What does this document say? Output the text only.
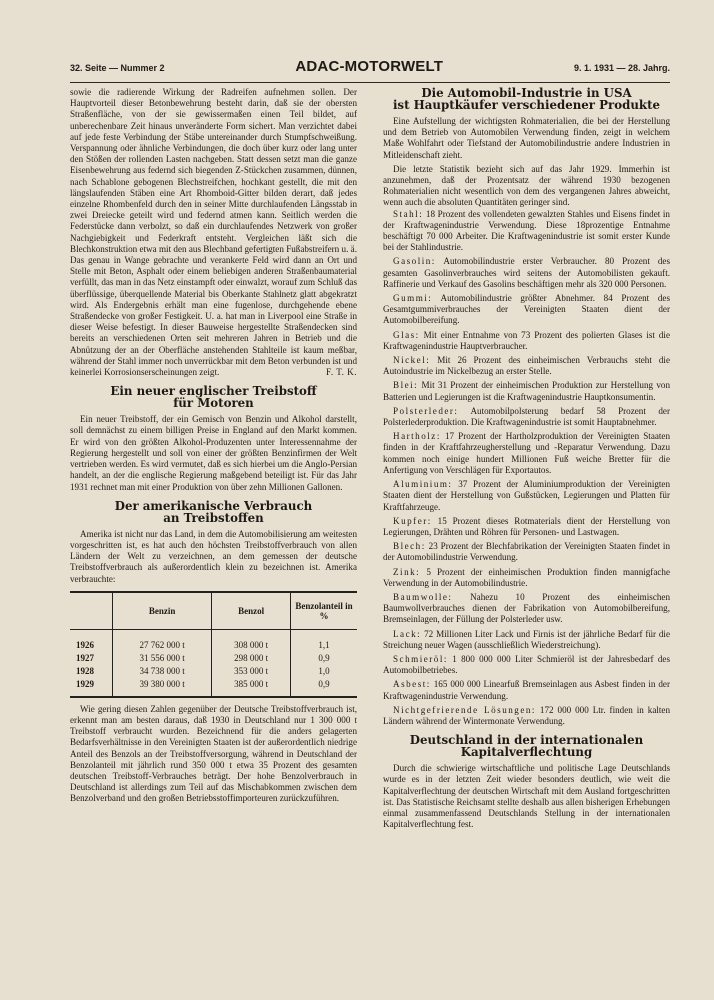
32. Seite — Nummer 2	ADAC-MOTORWELT	9. 1. 1931 — 28. Jahrg.

sowie die radierende Wirkung der Radreifen aufnehmen sollen. Der Hauptvorteil dieser Betonbewehrung besteht darin, daß sie der obersten Straßenfläche, von der sie gewissermaßen einen Teil bildet, auf unberechenbare Zeit hinaus unveränderte Form sichert. Man verzichtet dabei auf jede feste Verbindung der Stäbe untereinander durch Stumpfschweißung. Verspannung oder ähnliche Verbindungen, die doch über kurz oder lang unter den Stößen der rollenden Lasten nachgeben. Statt dessen setzt man die ganze Eisenbewehrung aus federnd sich biegenden Z-Stückchen zusammen, dünnen, nach Schablone gebogenen Blechstreifchen, hochkant gestellt, die mit den längslaufenden Stäben eine Art Rhomboid-Gitter bilden derart, daß jedes einzelne Rhombenfeld durch den in seiner Mitte durchlaufenden Längsstab in zwei Dreiecke geteilt wird und federnd atmen kann. Seitlich werden die Federstücke dann verbolzt, so daß ein durchlaufendes Netzwerk von großer Nachgiebigkeit und Federkraft entsteht. Vergleichen läßt sich die Blechkonstruktion etwa mit den aus Blechband gefertigten Fußabstreifern u. ä. Das genau in Wange gebrachte und verankerte Feld wird dann an Ort und Stelle mit Beton, Asphalt oder einem beliebigen anderen Straßenbaumaterial verfüllt, das man in das Netz einstampft oder einwalzt, worauf zum Schluß das überflüssige, überquellende Material bis Oberkante Stahlnetz glatt abgekratzt wird. Als Endergebnis erhält man eine fugenlose, durchgehende ebene Straßendecke von großer Festigkeit. U. a. hat man in Liverpool eine Straße in dieser Weise befestigt. In dieser Bauweise hergestellte Straßendecken sind bereits an verschiedenen Orten seit mehreren Jahren in Betrieb und die Abnützung der an der Oberfläche anstehenden Stahlteile ist kaum meßbar, während der Stahl immer noch unverrückbar mit dem Beton verbunden ist und keinerlei Korrosionserscheinungen zeigt.	F. T. K.

Ein neuer englischer Treibstoff
für Motoren

Ein neuer Treibstoff, der ein Gemisch von Benzin und Alkohol darstellt, soll demnächst zu einem billigen Preise in England auf den Markt kommen. Er wird von den größten Alkohol-Produzenten unter Interessennahme der Regierung hergestellt und soll von einer der größten Benzinfirmen der Welt vertrieben werden. Es wird vermutet, daß es sich hierbei um die Anglo-Persian handelt, an der die englische Regierung maßgebend beteiligt ist. Für das Jahr 1931 rechnet man mit einer Produktion von über zehn Millionen Gallonen.

Der amerikanische Verbrauch
an Treibstoffen

Amerika ist nicht nur das Land, in dem die Automobilisierung am weitesten vorgeschritten ist, es hat auch den höchsten Treibstoffverbrauch von allen Ländern der Welt zu verzeichnen, an dem gemessen der deutsche Treibstoffverbrauch als außerordentlich klein zu bezeichnen ist. Amerika verbrauchte:

	Benzin	Benzol	Benzolanteil in %
1926	27 762 000 t	308 000 t	1,1
1927	31 556 000 t	298 000 t	0,9
1928	34 738 000 t	353 000 t	1,0
1929	39 380 000 t	385 000 t	0,9

Wie gering diesen Zahlen gegenüber der Deutsche Treibstoffverbrauch ist, erkennt man am besten daraus, daß 1930 in Deutschland nur 1 300 000 t Treibstoff verbraucht wurden. Bezeichnend für die anders gelagerten Bedarfsverhältnisse in den Vereinigten Staaten ist der außerordentlich niedrige Anteil des Benzols an der Treibstoffversorgung, während in Deutschland der Benzolanteil mit jährlich rund 350 000 t etwa 35 Prozent des gesamten deutschen Treibstoff-Verbrauches beträgt. Der hohe Benzolverbrauch in Deutschland ist allerdings zum Teil auf das Mischabkommen zwischen dem Benzolverband und den großen Betriebsstoffimporteuren zurückzuführen.

Die Automobil-Industrie in USA
ist Hauptkäufer verschiedener Produkte

Eine Aufstellung der wichtigsten Rohmaterialien, die bei der Herstellung und dem Betrieb von Automobilen Verwendung finden, zeigt in welchem Maße Wohlfahrt oder Tiefstand der Automobilindustrie andere Industrien in Mitleidenschaft zieht.

Die letzte Statistik bezieht sich auf das Jahr 1929. Immerhin ist anzunehmen, daß der Prozentsatz der während 1930 bezogenen Rohmaterialien nicht wesentlich von dem des vergangenen Jahres abweicht, wenn auch die absoluten Quantitäten geringer sind.

Stahl: 18 Prozent des vollendeten gewalzten Stahles und Eisens findet in der Kraftwagenindustrie Verwendung. Diese 18prozentige Entnahme beschäftigt 70 000 Arbeiter. Die Kraftwagenindustrie ist somit erster Kunde bei der Stahlindustrie.

Gasolin: Automobilindustrie erster Verbraucher. 80 Prozent des gesamten Gasolinverbrauches wird seitens der Automobilisten gekauft. Raffinerie und Verkauf des Gasolins beschäftigen mehr als 320 000 Personen.

Gummi: Automobilindustrie größter Abnehmer. 84 Prozent des Gesamtgummiverbrauches der Vereinigten Staaten dient der Automobilbereifung.

Glas: Mit einer Entnahme von 73 Prozent des polierten Glases ist die Kraftwagenindustrie Hauptverbraucher.

Nickel: Mit 26 Prozent des einheimischen Verbrauchs steht die Autoindustrie im Nickelbezug an erster Stelle.

Blei: Mit 31 Prozent der einheimischen Produktion zur Herstellung von Batterien und Legierungen ist die Kraftwagenindustrie Hauptkonsumentin.

Polsterleder: Automobilpolsterung bedarf 58 Prozent der Polsterlederproduktion. Die Kraftwagenindustrie ist somit Hauptabnehmer.

Hartholz: 17 Prozent der Hartholzproduktion der Vereinigten Staaten finden in der Kraftfahrzeugherstellung und -Reparatur Verwendung. Dazu kommen noch einige hundert Millionen Fuß weiche Bretter für die Anfertigung von Verschlägen für Exportautos.

Aluminium: 37 Prozent der Aluminiumproduktion der Vereinigten Staaten dient der Herstellung von Gußstücken, Legierungen und Platten für Kraftfahrzeuge.

Kupfer: 15 Prozent dieses Rotmaterials dient der Herstellung von Legierungen, Drähten und Röhren für Personen- und Lastwagen.

Blech: 23 Prozent der Blechfabrikation der Vereinigten Staaten findet in der Automobilindustrie Verwendung.

Zink: 5 Prozent der einheimischen Produktion finden mannigfache Verwendung in der Automobilindustrie.

Baumwolle: Nahezu 10 Prozent des einheimischen Baumwollverbrauches dienen der Fabrikation von Automobilbereifung, Bremseinlagen, der Füllung der Polsterleder usw.

Lack: 72 Millionen Liter Lack und Firnis ist der jährliche Bedarf für die Streichung neuer Wagen (ausschließlich Wiederstreichung).

Schmieröl: 1 800 000 000 Liter Schmieröl ist der Jahresbedarf des Automobilbetriebes.

Asbest: 165 000 000 Linearfuß Bremseinlagen aus Asbest finden in der Kraftwagenindustrie Verwendung.

Nichtgefrierende Lösungen: 172 000 000 Ltr. finden in kalten Ländern während der Wintermonate Verwendung.

Deutschland in der internationalen
Kapitalverflechtung

Durch die schwierige wirtschaftliche und politische Lage Deutschlands wurde es in der letzten Zeit wieder besonders deutlich, wie weit die Kapitalverflechtung der deutschen Wirtschaft mit dem Ausland fortgeschritten ist. Das Statistische Reichsamt stellte deshalb aus allen bisherigen Erhebungen einmal zusammenfassend Deutschlands Stellung in der internationalen Kapitalverflechtung fest.
